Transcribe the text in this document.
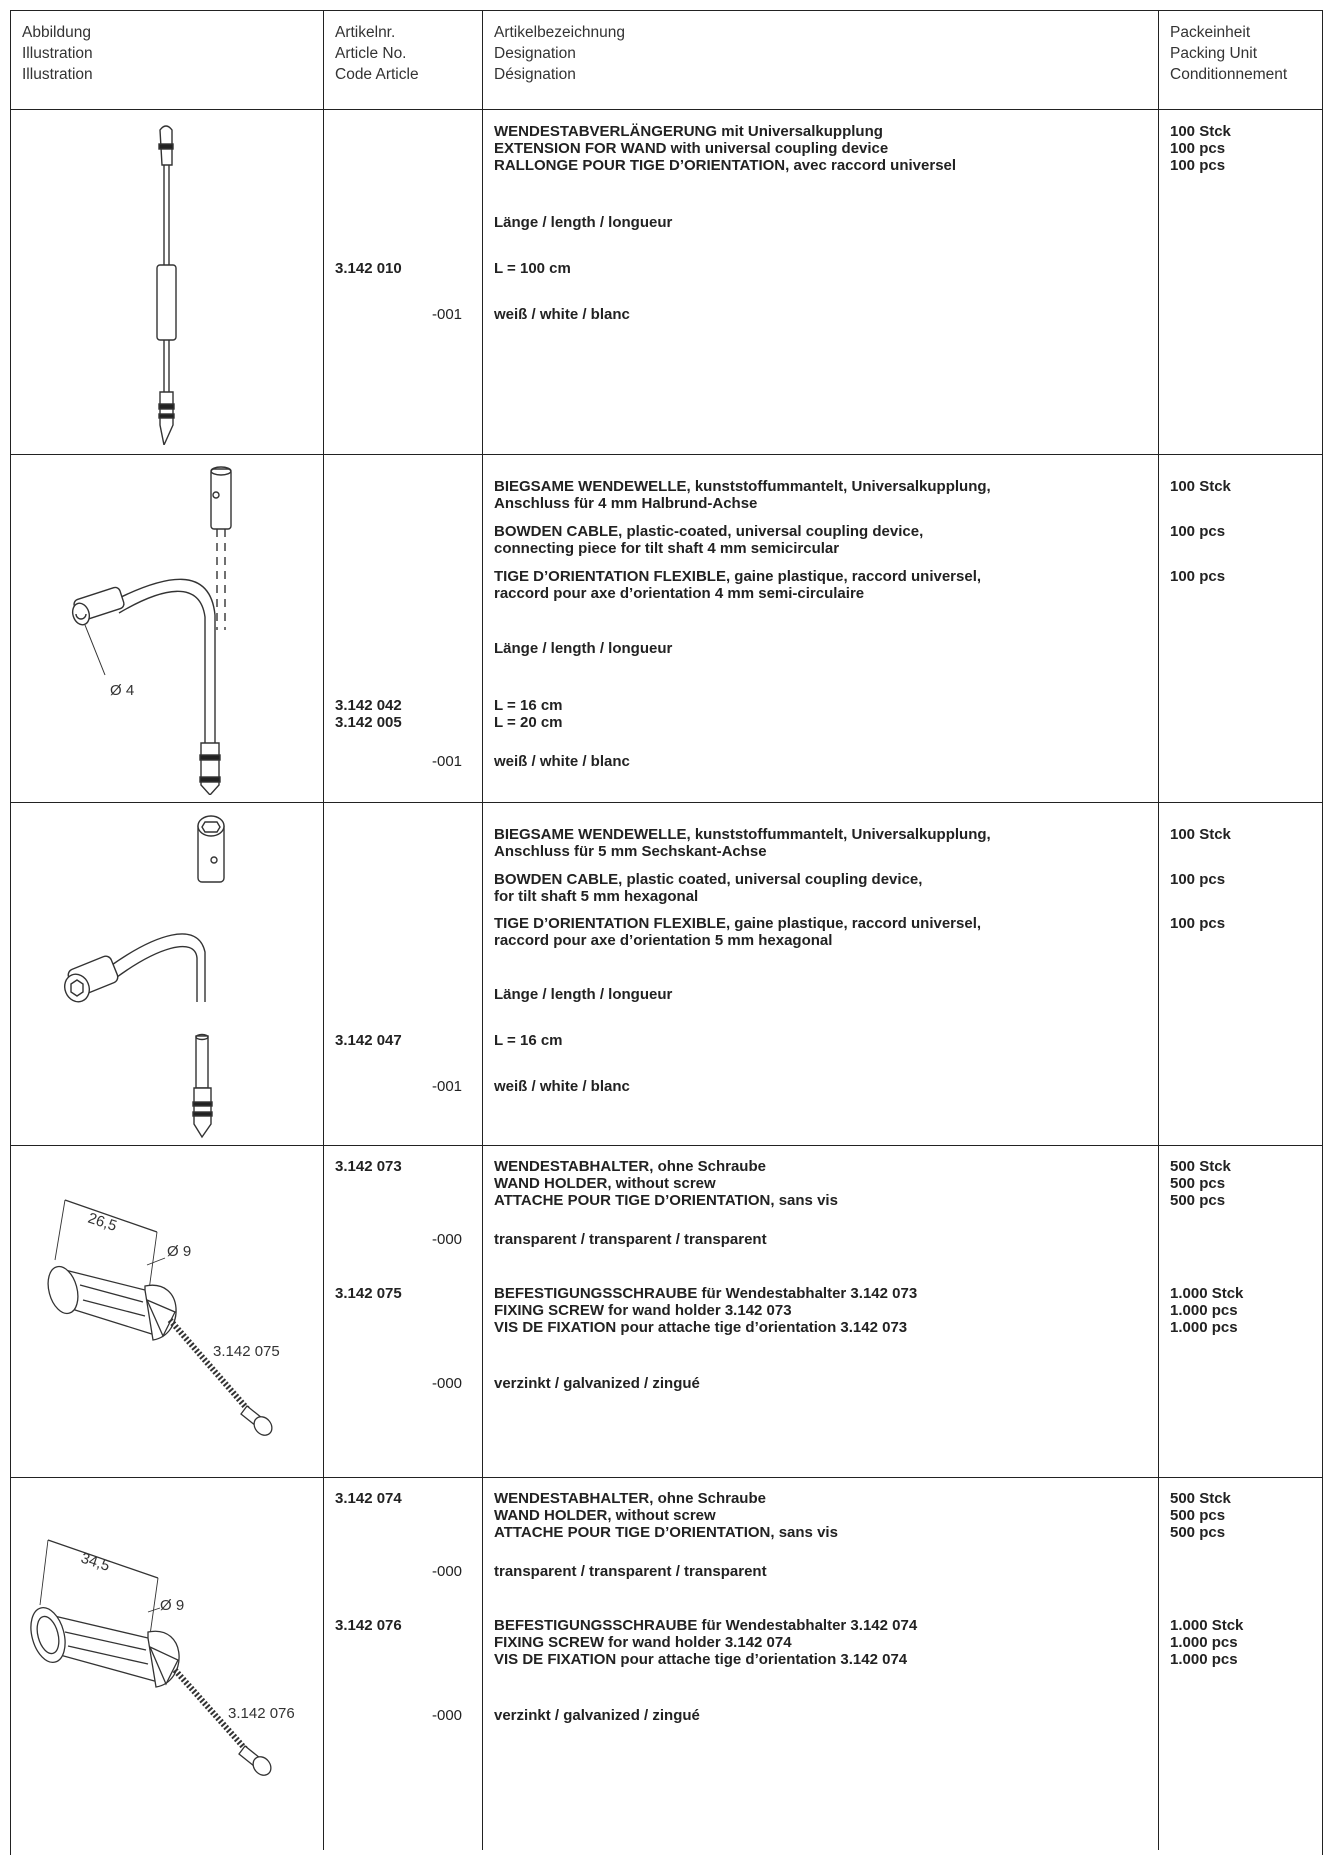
Abbildung
Illustration
Illustration
Artikelnr.
Article No.
Code Article
Artikelbezeichnung
Designation
Désignation
Packeinheit
Packing Unit
Conditionnement
3.142 010
-001
WENDESTABVERLÄNGERUNG mit Universalkupplung
EXTENSION FOR WAND with universal coupling device
RALLONGE POUR TIGE D’ORIENTATION, avec raccord universel
Länge / length / longueur
L = 100 cm
weiß / white / blanc
100 Stck
100 pcs
100 pcs
Ø 4
3.142 042
3.142 005
-001
BIEGSAME WENDEWELLE, kunststoffummantelt, Universalkupplung,
Anschluss für 4 mm Halbrund-Achse
BOWDEN CABLE, plastic-coated, universal coupling device,
connecting piece for tilt shaft 4 mm semicircular
TIGE D’ORIENTATION FLEXIBLE, gaine plastique, raccord universel,
raccord pour axe d’orientation 4 mm semi-circulaire
Länge / length / longueur
L = 16 cm
L = 20 cm
weiß / white / blanc
100 Stck
100 pcs
100 pcs
3.142 047
-001
BIEGSAME WENDEWELLE, kunststoffummantelt, Universalkupplung,
Anschluss für 5 mm Sechskant-Achse
BOWDEN CABLE, plastic coated, universal coupling device,
for tilt shaft 5 mm hexagonal
TIGE D’ORIENTATION FLEXIBLE, gaine plastique, raccord universel,
raccord pour axe d’orientation 5 mm hexagonal
Länge / length / longueur
L = 16 cm
weiß / white / blanc
100 Stck
100 pcs
100 pcs
26,5
Ø 9
3.142 075
3.142 073
-000
3.142 075
-000
WENDESTABHALTER, ohne Schraube
WAND HOLDER, without screw
ATTACHE POUR TIGE D’ORIENTATION, sans vis
transparent / transparent / transparent
BEFESTIGUNGSSCHRAUBE für Wendestabhalter 3.142 073
FIXING SCREW for wand holder 3.142 073
VIS DE FIXATION pour attache tige d’orientation 3.142 073
verzinkt / galvanized / zingué
500 Stck
500 pcs
500 pcs
1.000 Stck
1.000 pcs
1.000 pcs
34,5
Ø 9
3.142 076
3.142 074
-000
3.142 076
-000
WENDESTABHALTER, ohne Schraube
WAND HOLDER, without screw
ATTACHE POUR TIGE D’ORIENTATION, sans vis
transparent / transparent / transparent
BEFESTIGUNGSSCHRAUBE für Wendestabhalter 3.142 074
FIXING SCREW for wand holder 3.142 074
VIS DE FIXATION pour attache tige d’orientation 3.142 074
verzinkt / galvanized / zingué
500 Stck
500 pcs
500 pcs
1.000 Stck
1.000 pcs
1.000 pcs
